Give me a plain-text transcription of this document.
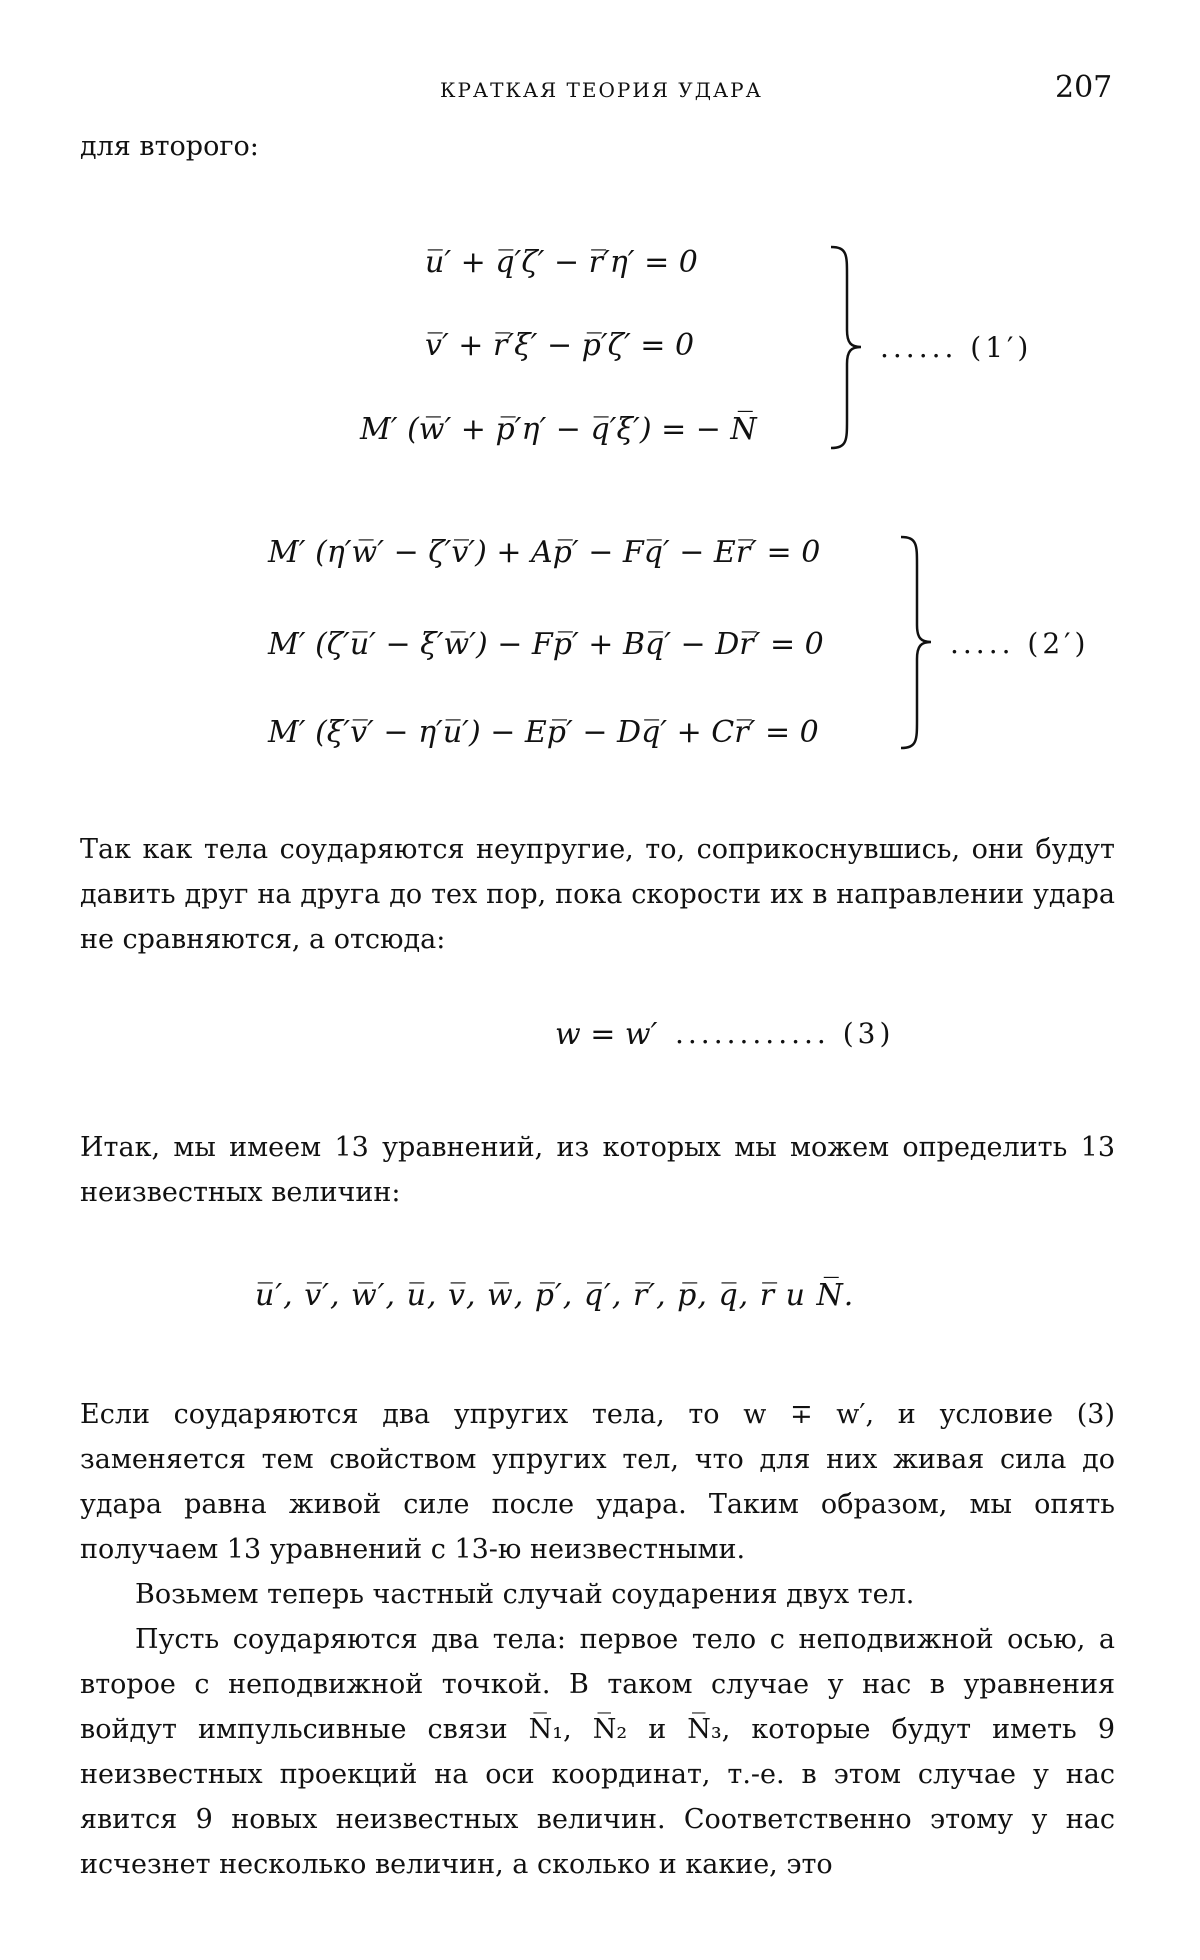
КРАТКАЯ ТЕОРИЯ УДАРА	207
для второго:
u̅′ + q̅′ζ′ − r̅′η′ = 0
v̅′ + r̅′ξ′ − p̅′ζ′ = 0
M′ (w̅′ + p̅′η′ − q̅′ξ′) = − N̅
...... (1′)
M′ (η′w̅′ − ζ′v̅′) + Ap̅′ − Fq̅′ − Er̅′ = 0
M′ (ζ′u̅′ − ξ′w̅′) − Fp̅′ + Bq̅′ − Dr̅′ = 0
M′ (ξ′v̅′ − η′u̅′) − Ep̅′ − Dq̅′ + Cr̅′ = 0
..... (2′)
Так как тела соударяются неупругие, то, соприкоснувшись, они будут давить друг на друга до тех пор, пока скорости их в направлении удара не сравняются, а отсюда:
w = w′ ............ (3)
Итак, мы имеем 13 уравнений, из которых мы можем определить 13 неизвестных величин:
u̅′, v̅′, w̅′, u̅, v̅, w̅, p̅′, q̅′, r̅′, p̅, q̅, r̅ и N̅.
Если соударяются два упругих тела, то w ∓ w′, и условие (3) заменяется тем свойством упругих тел, что для них живая сила до удара равна живой силе после удара. Таким образом, мы опять получаем 13 уравнений с 13-ю неизвестными.
Возьмем теперь частный случай соударения двух тел.
Пусть соударяются два тела: первое тело с неподвижной осью, а второе с неподвижной точкой. В таком случае у нас в уравнения войдут импульсивные связи N̅₁, N̅₂ и N̅₃, которые будут иметь 9 неизвестных проекций на оси координат, т.-е. в этом случае у нас явится 9 новых неизвестных величин. Соответственно этому у нас исчезнет несколько величин, а сколько и какие, это
